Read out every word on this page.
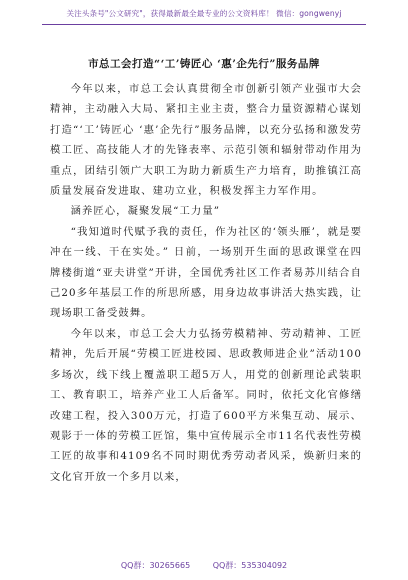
关注头条号"公文研究"，获得最新最全最专业的公文资料库！ 微信：gongwenyj
市总工会打造“‘工’铸匠心 ‘惠’企先行”服务品牌

今年以来，市总工会认真贯彻全市创新引领产业强市大会精神，主动融入大局、紧扣主业主责，整合力量资源精心谋划打造“‘工’铸匠心 ‘惠’企先行”服务品牌，以充分弘扬和激发劳模工匠、高技能人才的先锋表率、示范引领和辐射带动作用为重点，团结引领广大职工为助力新质生产力培育，助推镇江高质量发展奋发进取、建功立业，积极发挥主力军作用。

涵养匠心，凝聚发展“工力量”

“我知道时代赋予我的责任，作为社区的‘领头雁’，就是要冲在一线、干在实处。” 日前，一场别开生面的思政课堂在四牌楼街道“亚夫讲堂”开讲，全国优秀社区工作者易苏川结合自己20多年基层工作的所思所感，用身边故事讲活大热实践，让现场职工备受鼓舞。

今年以来，市总工会大力弘扬劳模精神、劳动精神、工匠精神，先后开展“劳模工匠进校园、思政教师进企业”活动100多场次，线下线上覆盖职工超5万人，用党的创新理论武装职工、教育职工，培养产业工人后备军。同时，依托文化官修缮改建工程，投入300万元，打造了600平方米集互动、展示、观影于一体的劳模工匠馆，集中宣传展示全市11名代表性劳模工匠的故事和4109名不同时期优秀劳动者风采，焕新归来的文化官开放一个多月以来，

QQ群：30265665	QQ群：535304092
